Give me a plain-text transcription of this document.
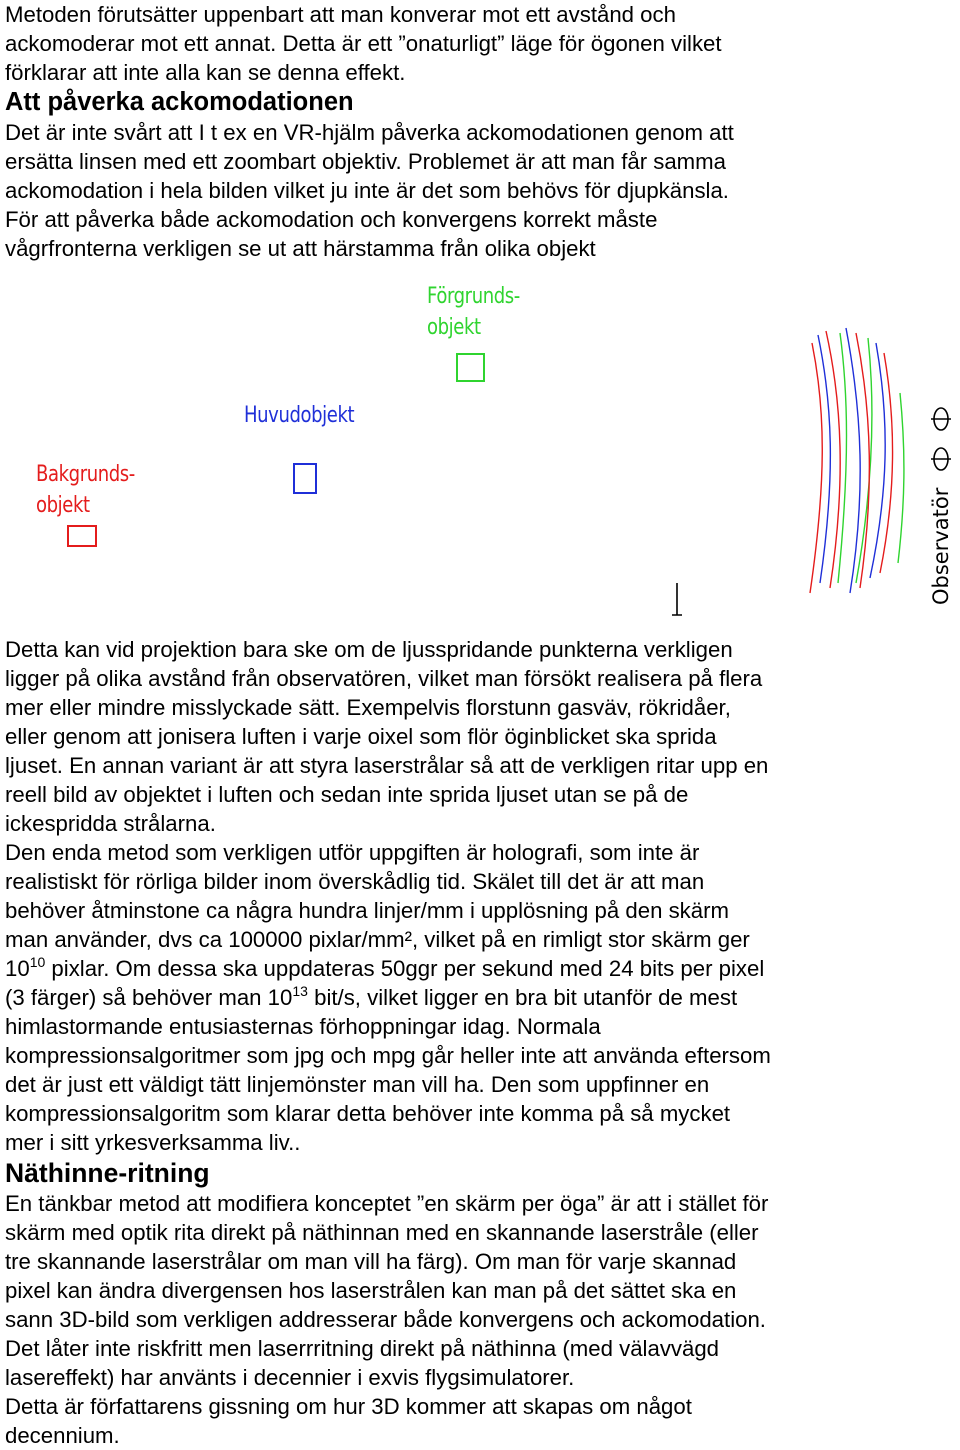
Metoden förutsätter uppenbart att man konverar mot ett avstånd och

ackomoderar mot ett annat. Detta är ett ”onaturligt” läge för ögonen vilket

förklarar att inte alla kan se denna effekt.

Att påverka ackomodationen

Det är inte svårt att I t ex en VR-hjälm påverka ackomodationen genom att

ersätta linsen med ett zoombart objektiv. Problemet är att man får samma

ackomodation i hela bilden vilket ju inte är det som behövs för djupkänsla.

För att påverka både ackomodation och konvergens korrekt måste

vågrfronterna verkligen se ut att härstamma från olika objekt

Förgrunds-
objekt
Huvudobjekt
Bakgrunds-
objekt	Observatör

Detta kan vid projektion bara ske om de ljusspridande punkterna verkligen

ligger på olika avstånd från observatören, vilket man försökt realisera på flera

mer eller mindre misslyckade sätt. Exempelvis florstunn gasväv, rökridåer,

eller genom att jonisera luften i varje oixel som flör öginblicket ska sprida

ljuset. En annan variant är att styra laserstrålar så att de verkligen ritar upp en

reell bild av objektet i luften och sedan inte sprida ljuset utan se på de

ickespridda strålarna.

Den enda metod som verkligen utför uppgiften är holografi, som inte är

realistiskt för rörliga bilder inom överskådlig tid. Skälet till det är att man

behöver åtminstone ca några hundra linjer/mm i upplösning på den skärm

man använder, dvs ca 100000 pixlar/mm², vilket på en rimligt stor skärm ger

$10^{10}$ pixlar. Om dessa ska uppdateras 50ggr per sekund med 24 bits per pixel

(3 färger) så behöver man $10^{13}$ bit/s, vilket ligger en bra bit utanför de mest

himlastormande entusiasternas förhoppningar idag. Normala

kompressionsalgoritmer som jpg och mpg går heller inte att använda eftersom

det är just ett väldigt tätt linjemönster man vill ha. Den som uppfinner en

kompressionsalgoritm som klarar detta behöver inte komma på så mycket

mer i sitt yrkesverksamma liv..

Näthinne-ritning

En tänkbar metod att modifiera konceptet ”en skärm per öga” är att i stället för

skärm med optik rita direkt på näthinnan med en skannande laserstråle (eller

tre skannande laserstrålar om man vill ha färg). Om man för varje skannad

pixel kan ändra divergensen hos laserstrålen kan man på det sättet ska en

sann 3D-bild som verkligen addresserar både konvergens och ackomodation.

Det låter inte riskfritt men laserrritning direkt på näthinna (med välavvägd

lasereffekt) har använts i decennier i exvis flygsimulatorer.

Detta är författarens gissning om hur 3D kommer att skapas om något

decennium.
